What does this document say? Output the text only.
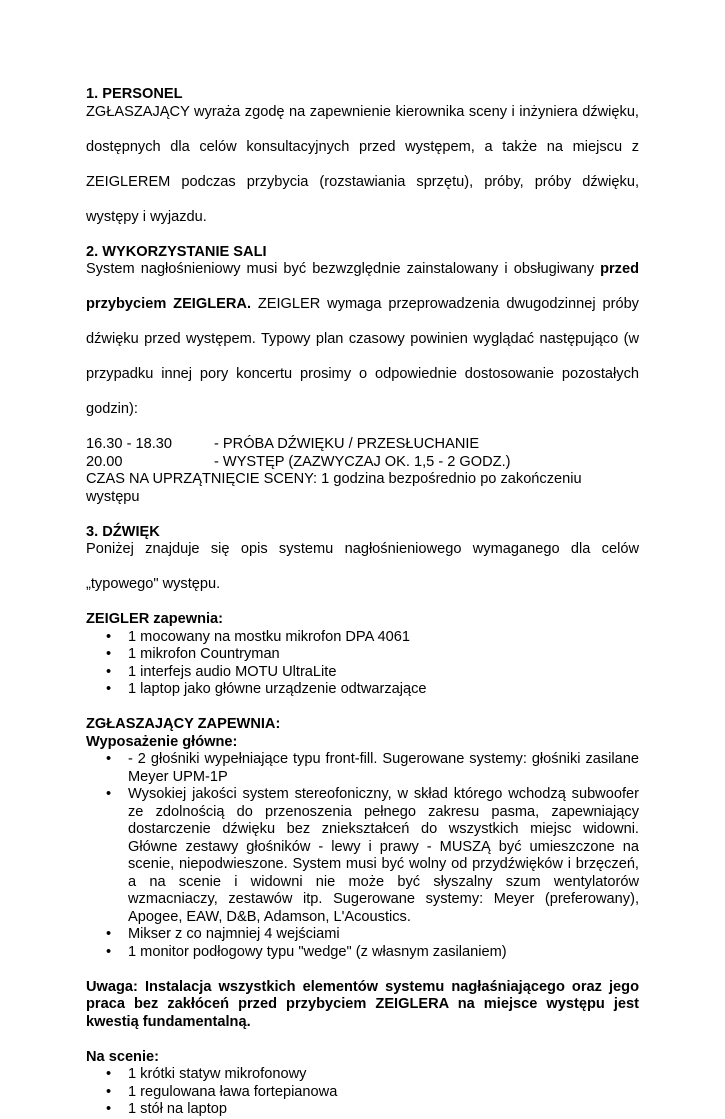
1. PERSONEL

ZGŁASZAJĄCY wyraża zgodę na zapewnienie kierownika sceny i inżyniera dźwięku,

dostępnych dla celów konsultacyjnych przed występem, a także na miejscu z

ZEIGLEREM podczas przybycia (rozstawiania sprzętu), próby, próby dźwięku,

występy i wyjazdu.

2. WYKORZYSTANIE SALI

System nagłośnieniowy musi być bezwzględnie zainstalowany i obsługiwany przed

przybyciem ZEIGLERA. ZEIGLER wymaga przeprowadzenia dwugodzinnej próby

dźwięku przed występem. Typowy plan czasowy powinien wyglądać następująco (w

przypadku innej pory koncertu prosimy o odpowiednie dostosowanie pozostałych

godzin):

16.30 - 18.30	- PRÓBA DŹWIĘKU / PRZESŁUCHANIE
20.00	- WYSTĘP (ZAZWYCZAJ OK. 1,5 - 2 GODZ.)

CZAS NA UPRZĄTNIĘCIE SCENY: 1 godzina bezpośrednio po zakończeniu występu

3. DŹWIĘK

Poniżej znajduje się opis systemu nagłośnieniowego wymaganego dla celów

„typowego" występu.

ZEIGLER zapewnia:

• 1 mocowany na mostku mikrofon DPA 4061
• 1 mikrofon Countryman
• 1 interfejs audio MOTU UltraLite
• 1 laptop jako główne urządzenie odtwarzające

ZGŁASZAJĄCY ZAPEWNIA:

Wyposażenie główne:

• - 2 głośniki wypełniające typu front-fill. Sugerowane systemy: głośniki zasilane Meyer UPM-1P
• Wysokiej jakości system stereofoniczny, w skład którego wchodzą subwoofer ze zdolnością do przenoszenia pełnego zakresu pasma, zapewniający dostarczenie dźwięku bez zniekształceń do wszystkich miejsc widowni. Główne zestawy głośników - lewy i prawy - MUSZĄ być umieszczone na scenie, niepodwieszone. System musi być wolny od przydźwięków i brzęczeń, a na scenie i widowni nie może być słyszalny szum wentylatorów wzmacniaczy, zestawów itp. Sugerowane systemy: Meyer (preferowany), Apogee, EAW, D&B, Adamson, L'Acoustics.
• Mikser z co najmniej 4 wejściami
• 1 monitor podłogowy typu "wedge" (z własnym zasilaniem)

Uwaga: Instalacja wszystkich elementów systemu nagłaśniającego oraz jego praca bez zakłóceń przed przybyciem ZEIGLERA na miejsce występu jest kwestią fundamentalną.

Na scenie:

• 1 krótki statyw mikrofonowy
• 1 regulowana ława fortepianowa
• 1 stół na laptop
